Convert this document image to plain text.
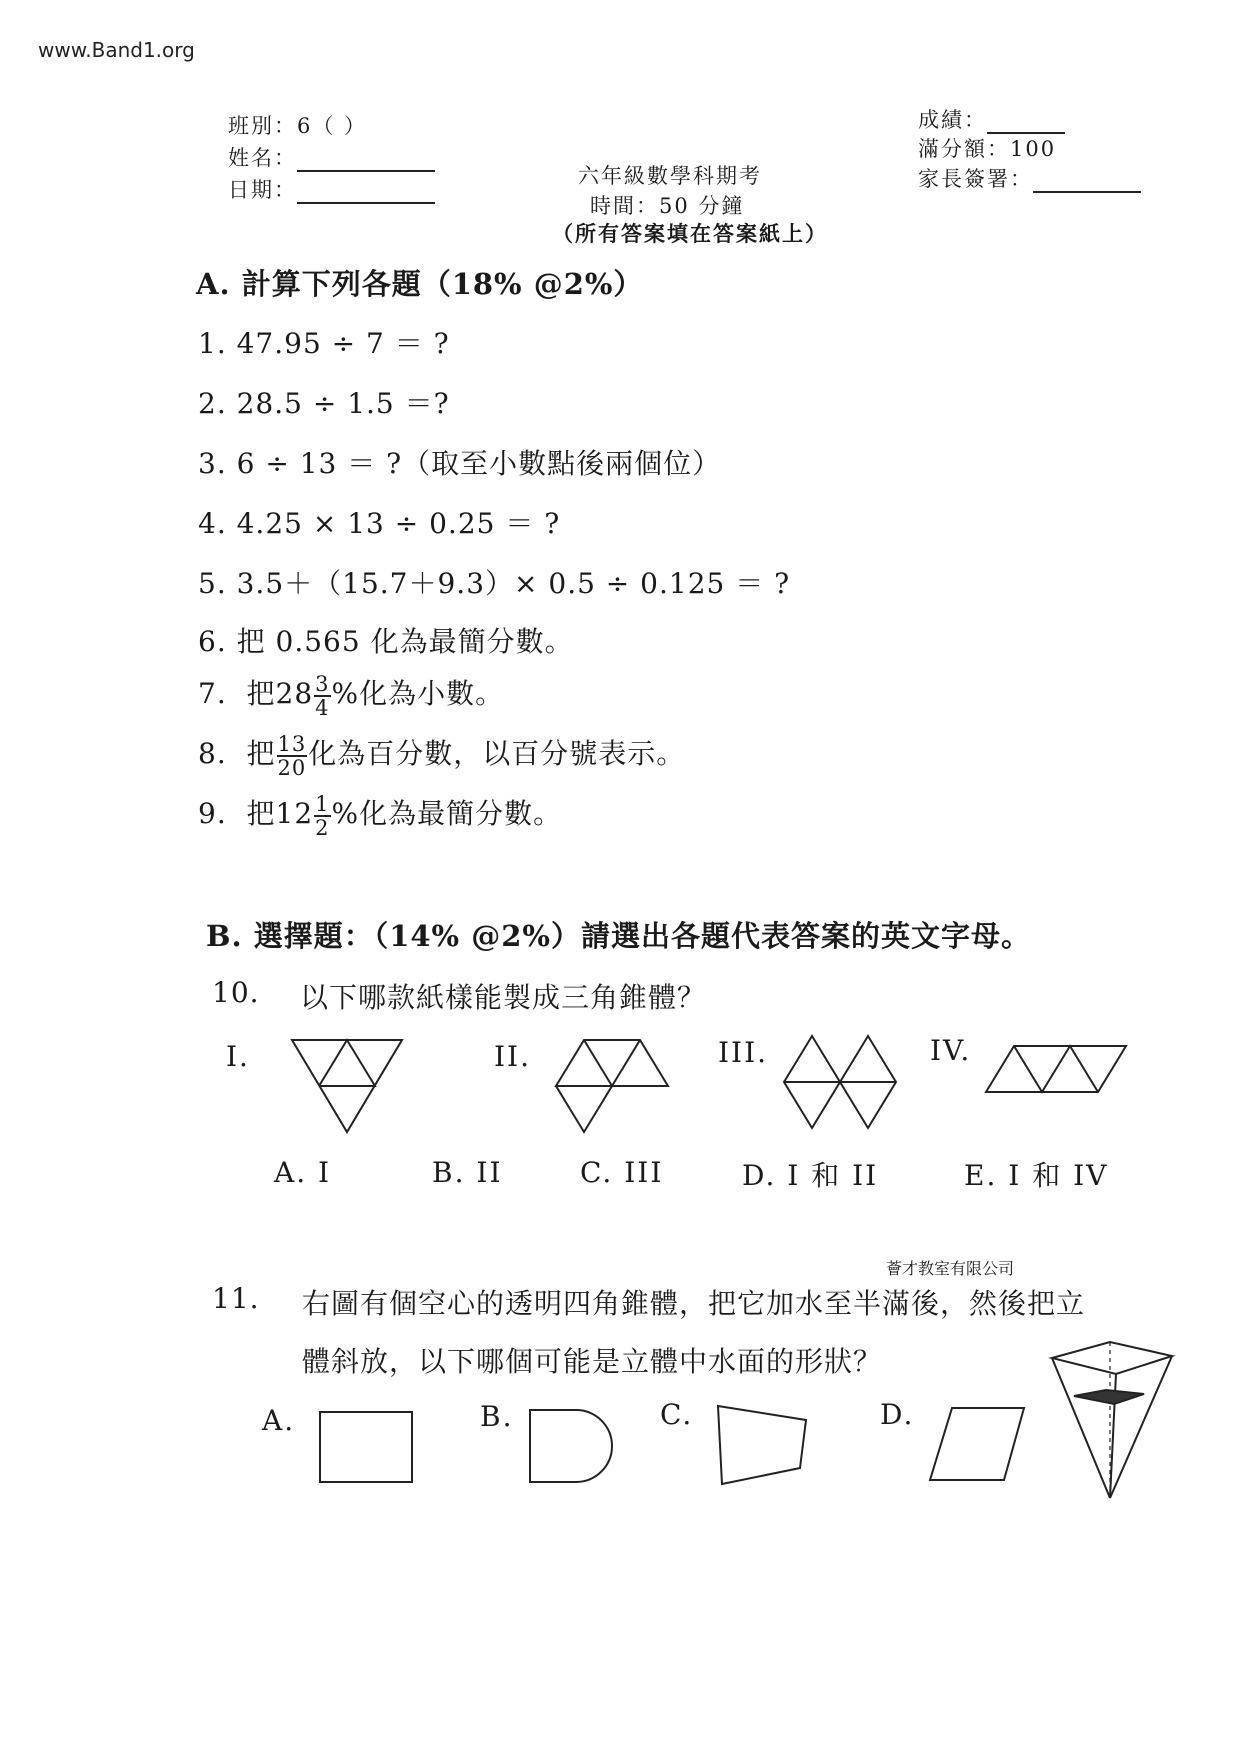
www.Band1.org
班別：6（ ）
姓名：
日期：
六年級數學科期考
時間：50 分鐘
（所有答案填在答案紙上）
成績：
滿分額：100
家長簽署：
A. 計算下列各題（18% @2%）
1. 47.95 ÷ 7 ＝ ?
2. 28.5 ÷ 1.5 ＝?
3. 6 ÷ 13 ＝ ?（取至小數點後兩個位）
4. 4.25 × 13 ÷ 0.25 ＝ ?
5. 3.5＋（15.7＋9.3）× 0.5 ÷ 0.125 ＝ ?
6. 把 0.565 化為最簡分數。
7. 把$28 \frac{3}{4}$ %化為小數。
8. 把 $\frac{13}{20}$ 化為百分數，以百分號表示。
9. 把$12 \frac{1}{2}$ %化為最簡分數。
B. 選擇題：（14% @2%）請選出各題代表答案的英文字母。
10. 以下哪款紙樣能製成三角錐體？
I.	II.	III.	IV.
A. I	B. II	C. III	D. I 和 II	E. I 和 IV
薈才教室有限公司
11. 右圖有個空心的透明四角錐體，把它加水至半滿後，然後把立
體斜放，以下哪個可能是立體中水面的形狀？
A.	B.	C.	D.
